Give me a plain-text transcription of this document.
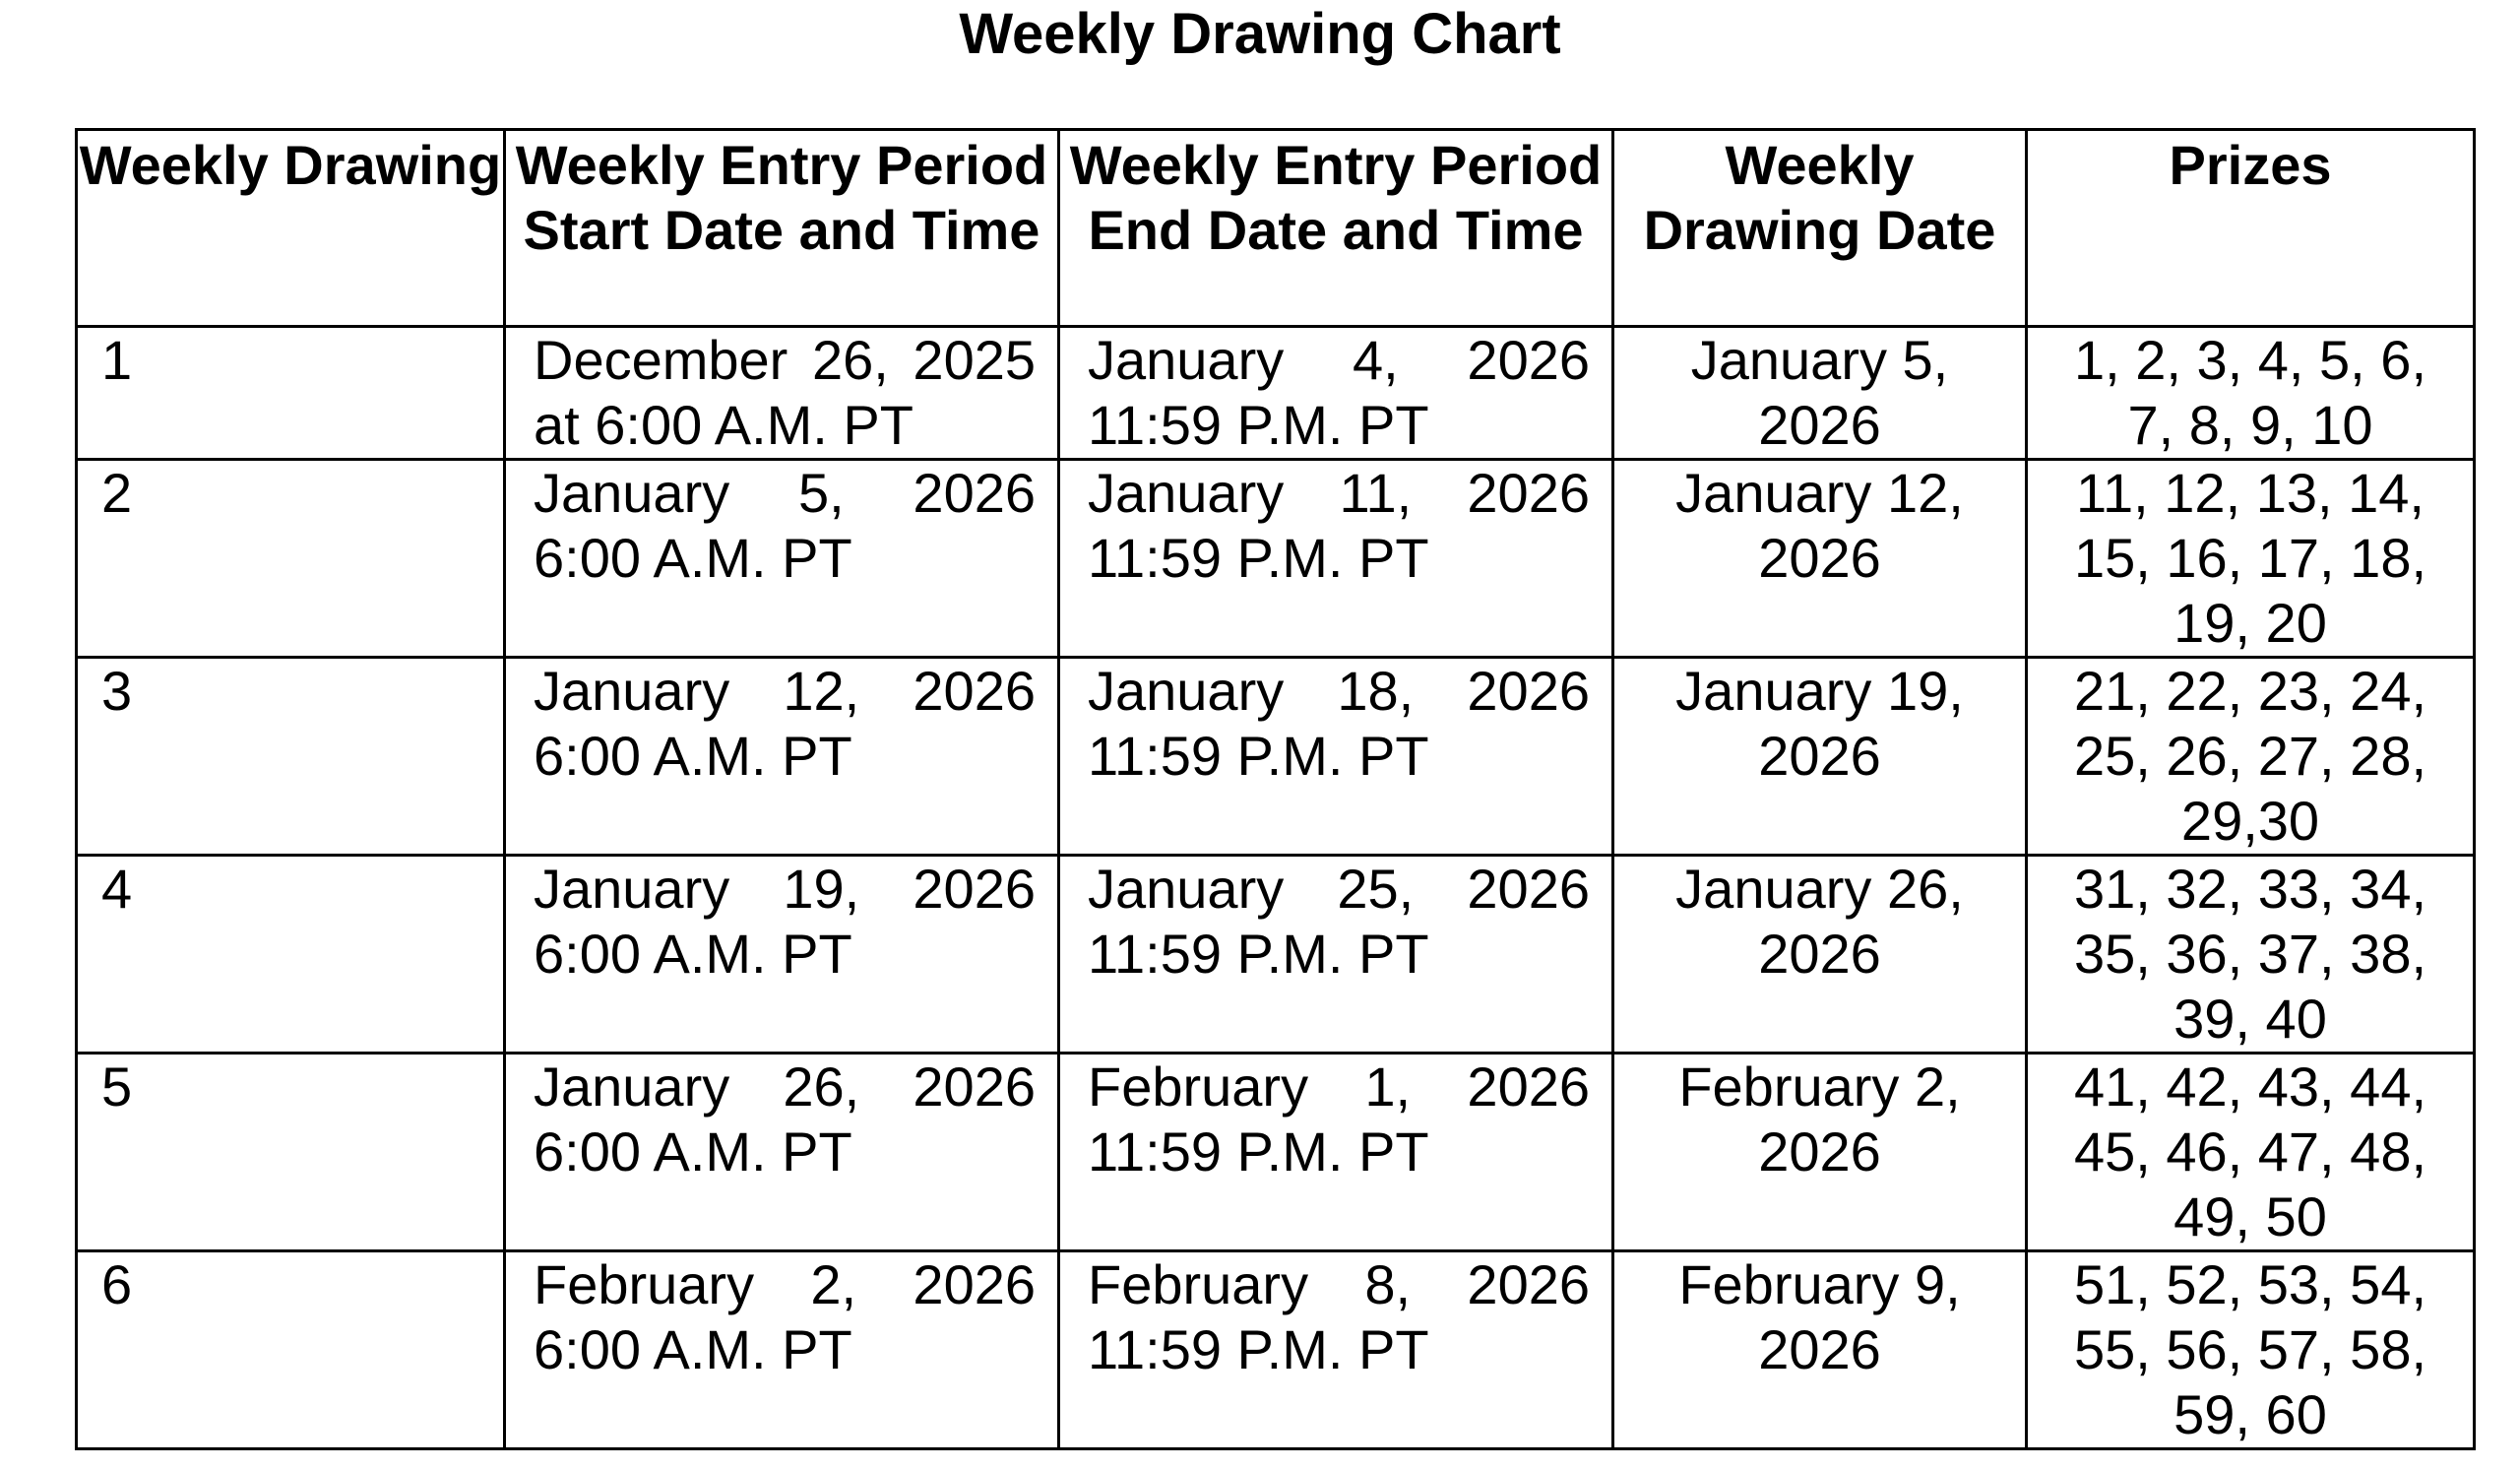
Weekly Drawing Chart
Weekly Drawing	Weekly Entry Period Start Date and Time	Weekly Entry Period End Date and Time	Weekly Drawing Date	Prizes
1	December 26, 2025 at 6:00 A.M. PT	January 4, 2026 11:59 P.M. PT	January 5, 2026	1, 2, 3, 4, 5, 6, 7, 8, 9, 10
2	January 5, 2026 6:00 A.M. PT	January 11, 2026 11:59 P.M. PT	January 12, 2026	11, 12, 13, 14, 15, 16, 17, 18, 19, 20
3	January 12, 2026 6:00 A.M. PT	January 18, 2026 11:59 P.M. PT	January 19, 2026	21, 22, 23, 24, 25, 26, 27, 28, 29,30
4	January 19, 2026 6:00 A.M. PT	January 25, 2026 11:59 P.M. PT	January 26, 2026	31, 32, 33, 34, 35, 36, 37, 38, 39, 40
5	January 26, 2026 6:00 A.M. PT	February 1, 2026 11:59 P.M. PT	February 2, 2026	41, 42, 43, 44, 45, 46, 47, 48, 49, 50
6	February 2, 2026 6:00 A.M. PT	February 8, 2026 11:59 P.M. PT	February 9, 2026	51, 52, 53, 54, 55, 56, 57, 58, 59, 60
